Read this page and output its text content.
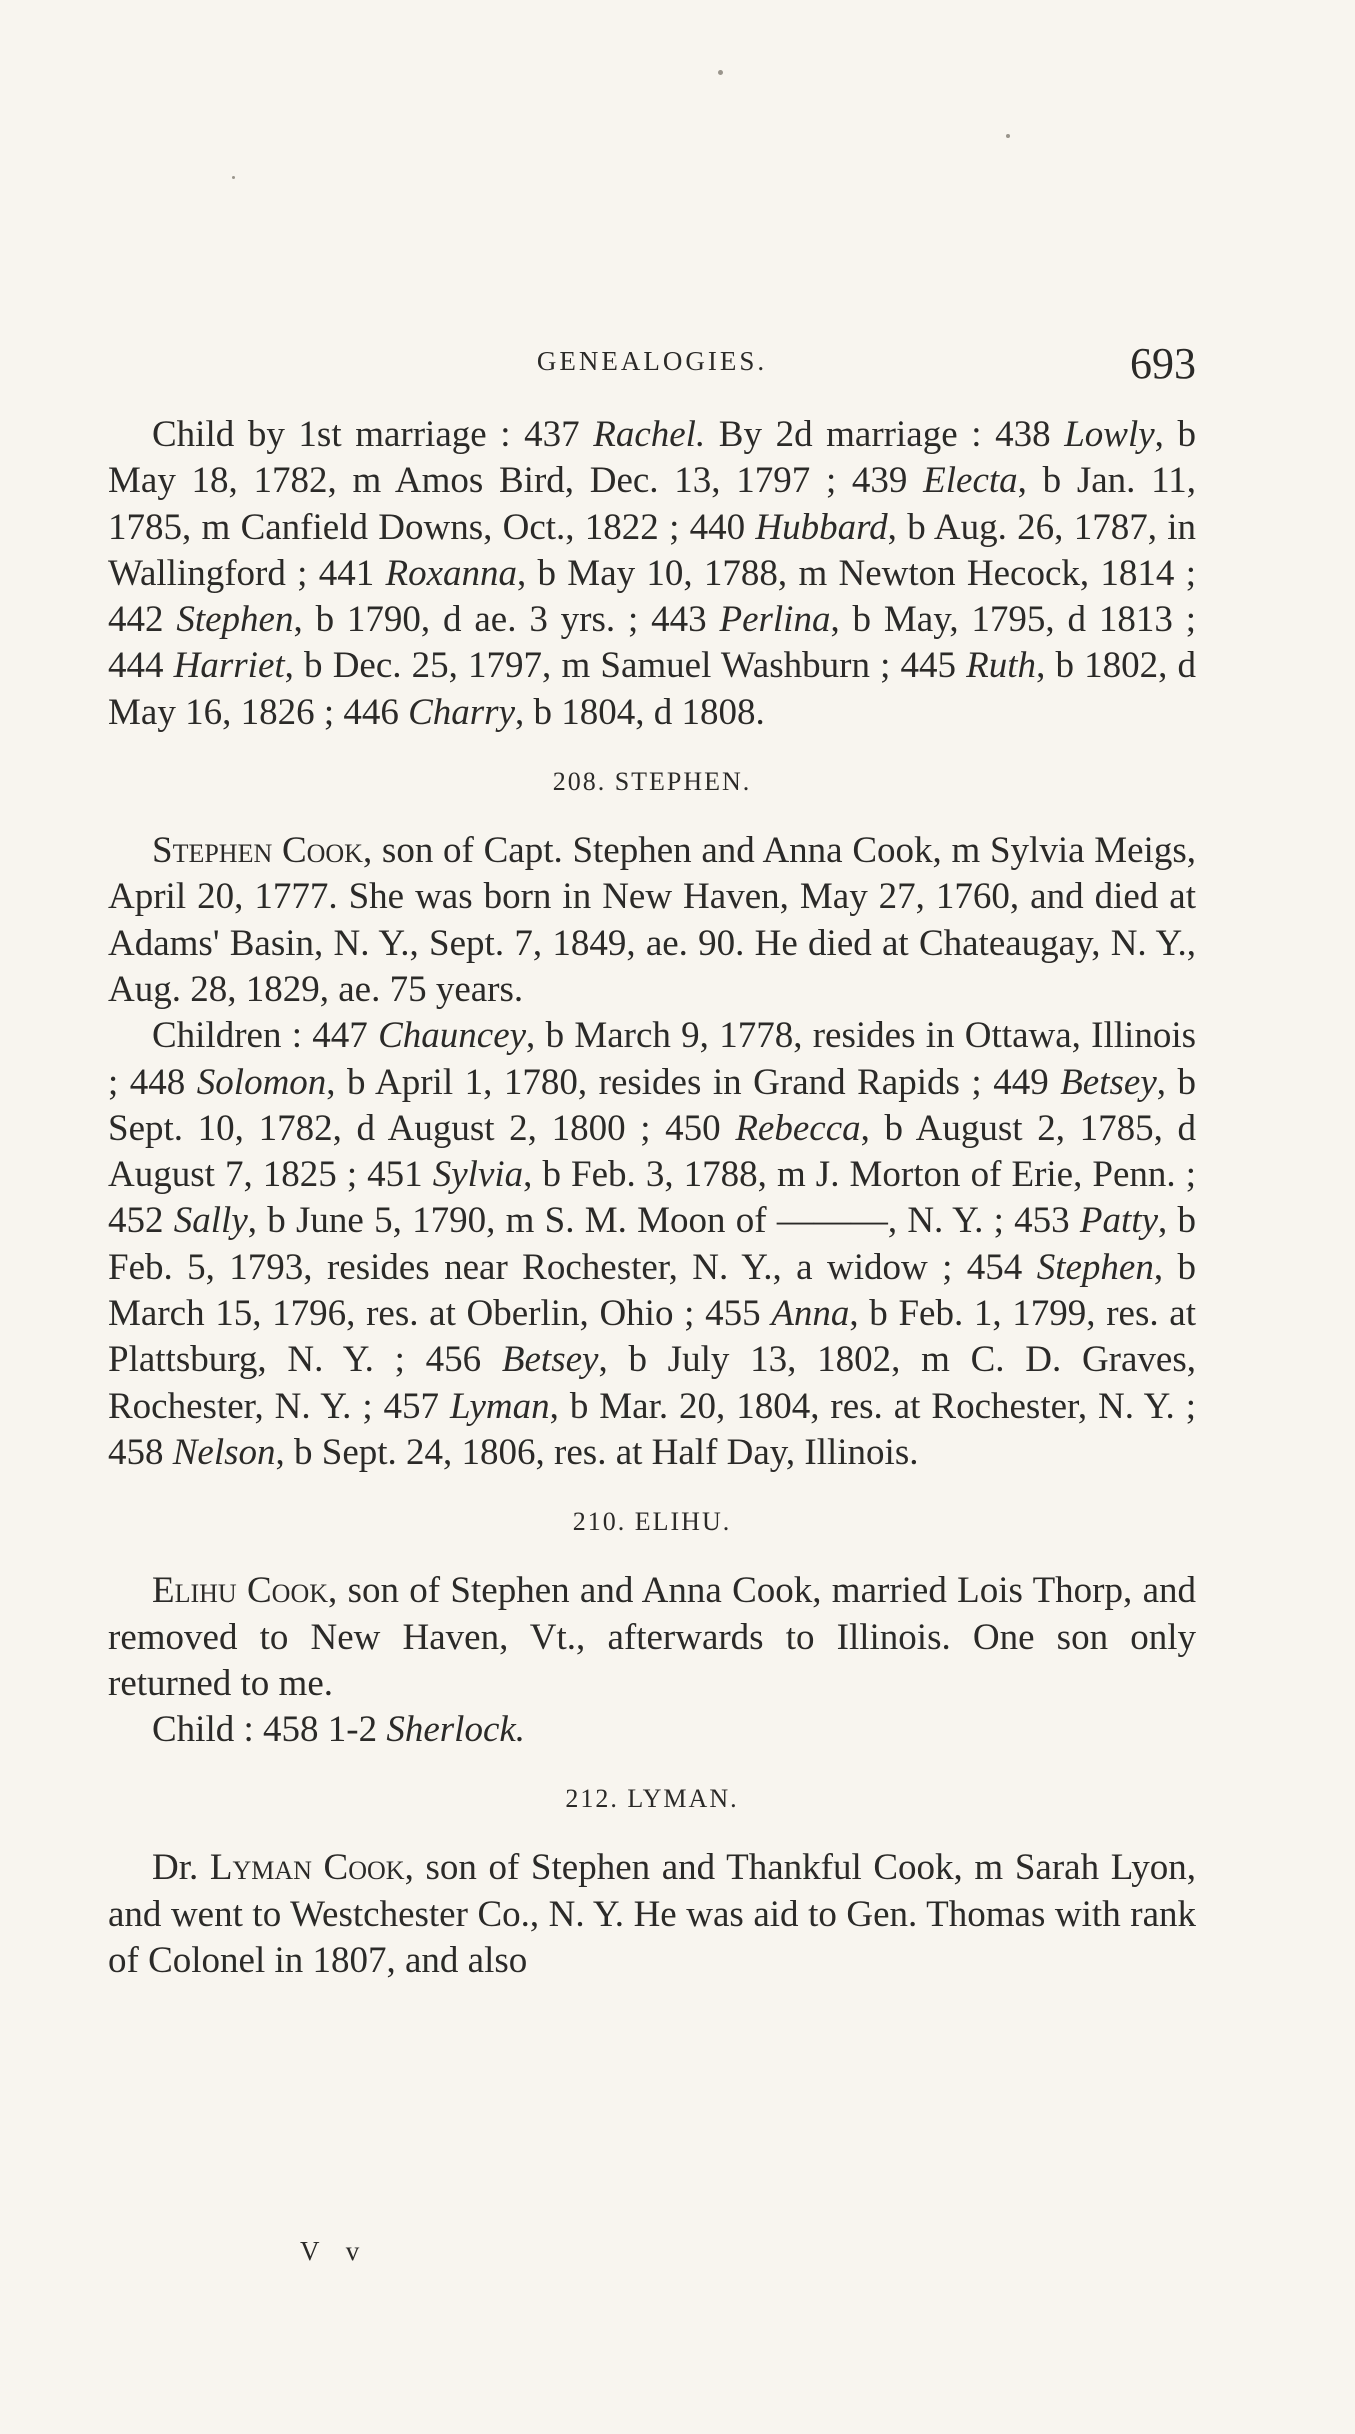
GENEALOGIES.	693

Child by 1st marriage : 437 Rachel. By 2d marriage : 438 Lowly, b May 18, 1782, m Amos Bird, Dec. 13, 1797 ; 439 Electa, b Jan. 11, 1785, m Canfield Downs, Oct., 1822 ; 440 Hubbard, b Aug. 26, 1787, in Wallingford ; 441 Roxanna, b May 10, 1788, m Newton Hecock, 1814 ; 442 Stephen, b 1790, d ae. 3 yrs. ; 443 Perlina, b May, 1795, d 1813 ; 444 Harriet, b Dec. 25, 1797, m Samuel Washburn ; 445 Ruth, b 1802, d May 16, 1826 ; 446 Charry, b 1804, d 1808.

208. STEPHEN.

Stephen Cook, son of Capt. Stephen and Anna Cook, m Sylvia Meigs, April 20, 1777. She was born in New Haven, May 27, 1760, and died at Adams' Basin, N. Y., Sept. 7, 1849, ae. 90. He died at Chateaugay, N. Y., Aug. 28, 1829, ae. 75 years.

Children : 447 Chauncey, b March 9, 1778, resides in Ottawa, Illinois ; 448 Solomon, b April 1, 1780, resides in Grand Rapids ; 449 Betsey, b Sept. 10, 1782, d August 2, 1800 ; 450 Rebecca, b August 2, 1785, d August 7, 1825 ; 451 Sylvia, b Feb. 3, 1788, m J. Morton of Erie, Penn. ; 452 Sally, b June 5, 1790, m S. M. Moon of ———, N. Y. ; 453 Patty, b Feb. 5, 1793, resides near Rochester, N. Y., a widow ; 454 Stephen, b March 15, 1796, res. at Oberlin, Ohio ; 455 Anna, b Feb. 1, 1799, res. at Plattsburg, N. Y. ; 456 Betsey, b July 13, 1802, m C. D. Graves, Rochester, N. Y. ; 457 Lyman, b Mar. 20, 1804, res. at Rochester, N. Y. ; 458 Nelson, b Sept. 24, 1806, res. at Half Day, Illinois.

210. ELIHU.

Elihu Cook, son of Stephen and Anna Cook, married Lois Thorp, and removed to New Haven, Vt., afterwards to Illinois. One son only returned to me.

Child : 458 1-2 Sherlock.

212. LYMAN.

Dr. Lyman Cook, son of Stephen and Thankful Cook, m Sarah Lyon, and went to Westchester Co., N. Y. He was aid to Gen. Thomas with rank of Colonel in 1807, and also

V v
